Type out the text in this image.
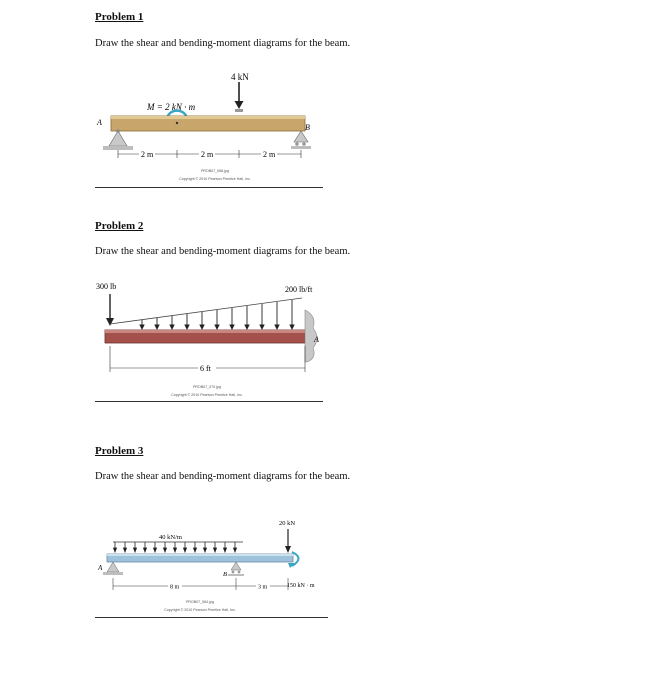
Problem 1
Draw the shear and bending-moment diagrams for the beam.
4 kN
M = 2 kN · m
A
B
2 m	2 m	2 m
PROB07_068.jpg
Copyright © 2010 Pearson Prentice Hall, Inc.
Problem 2
Draw the shear and bending-moment diagrams for the beam.
300 lb	200 lb/ft
A
6 ft
PROB07_070.jpg
Copyright © 2010 Pearson Prentice Hall, Inc.
Problem 3
Draw the shear and bending-moment diagrams for the beam.
40 kN/m
20 kN
150 kN · m
A
B
8 m	3 m
PROB07_084.jpg
Copyright © 2010 Pearson Prentice Hall, Inc.
